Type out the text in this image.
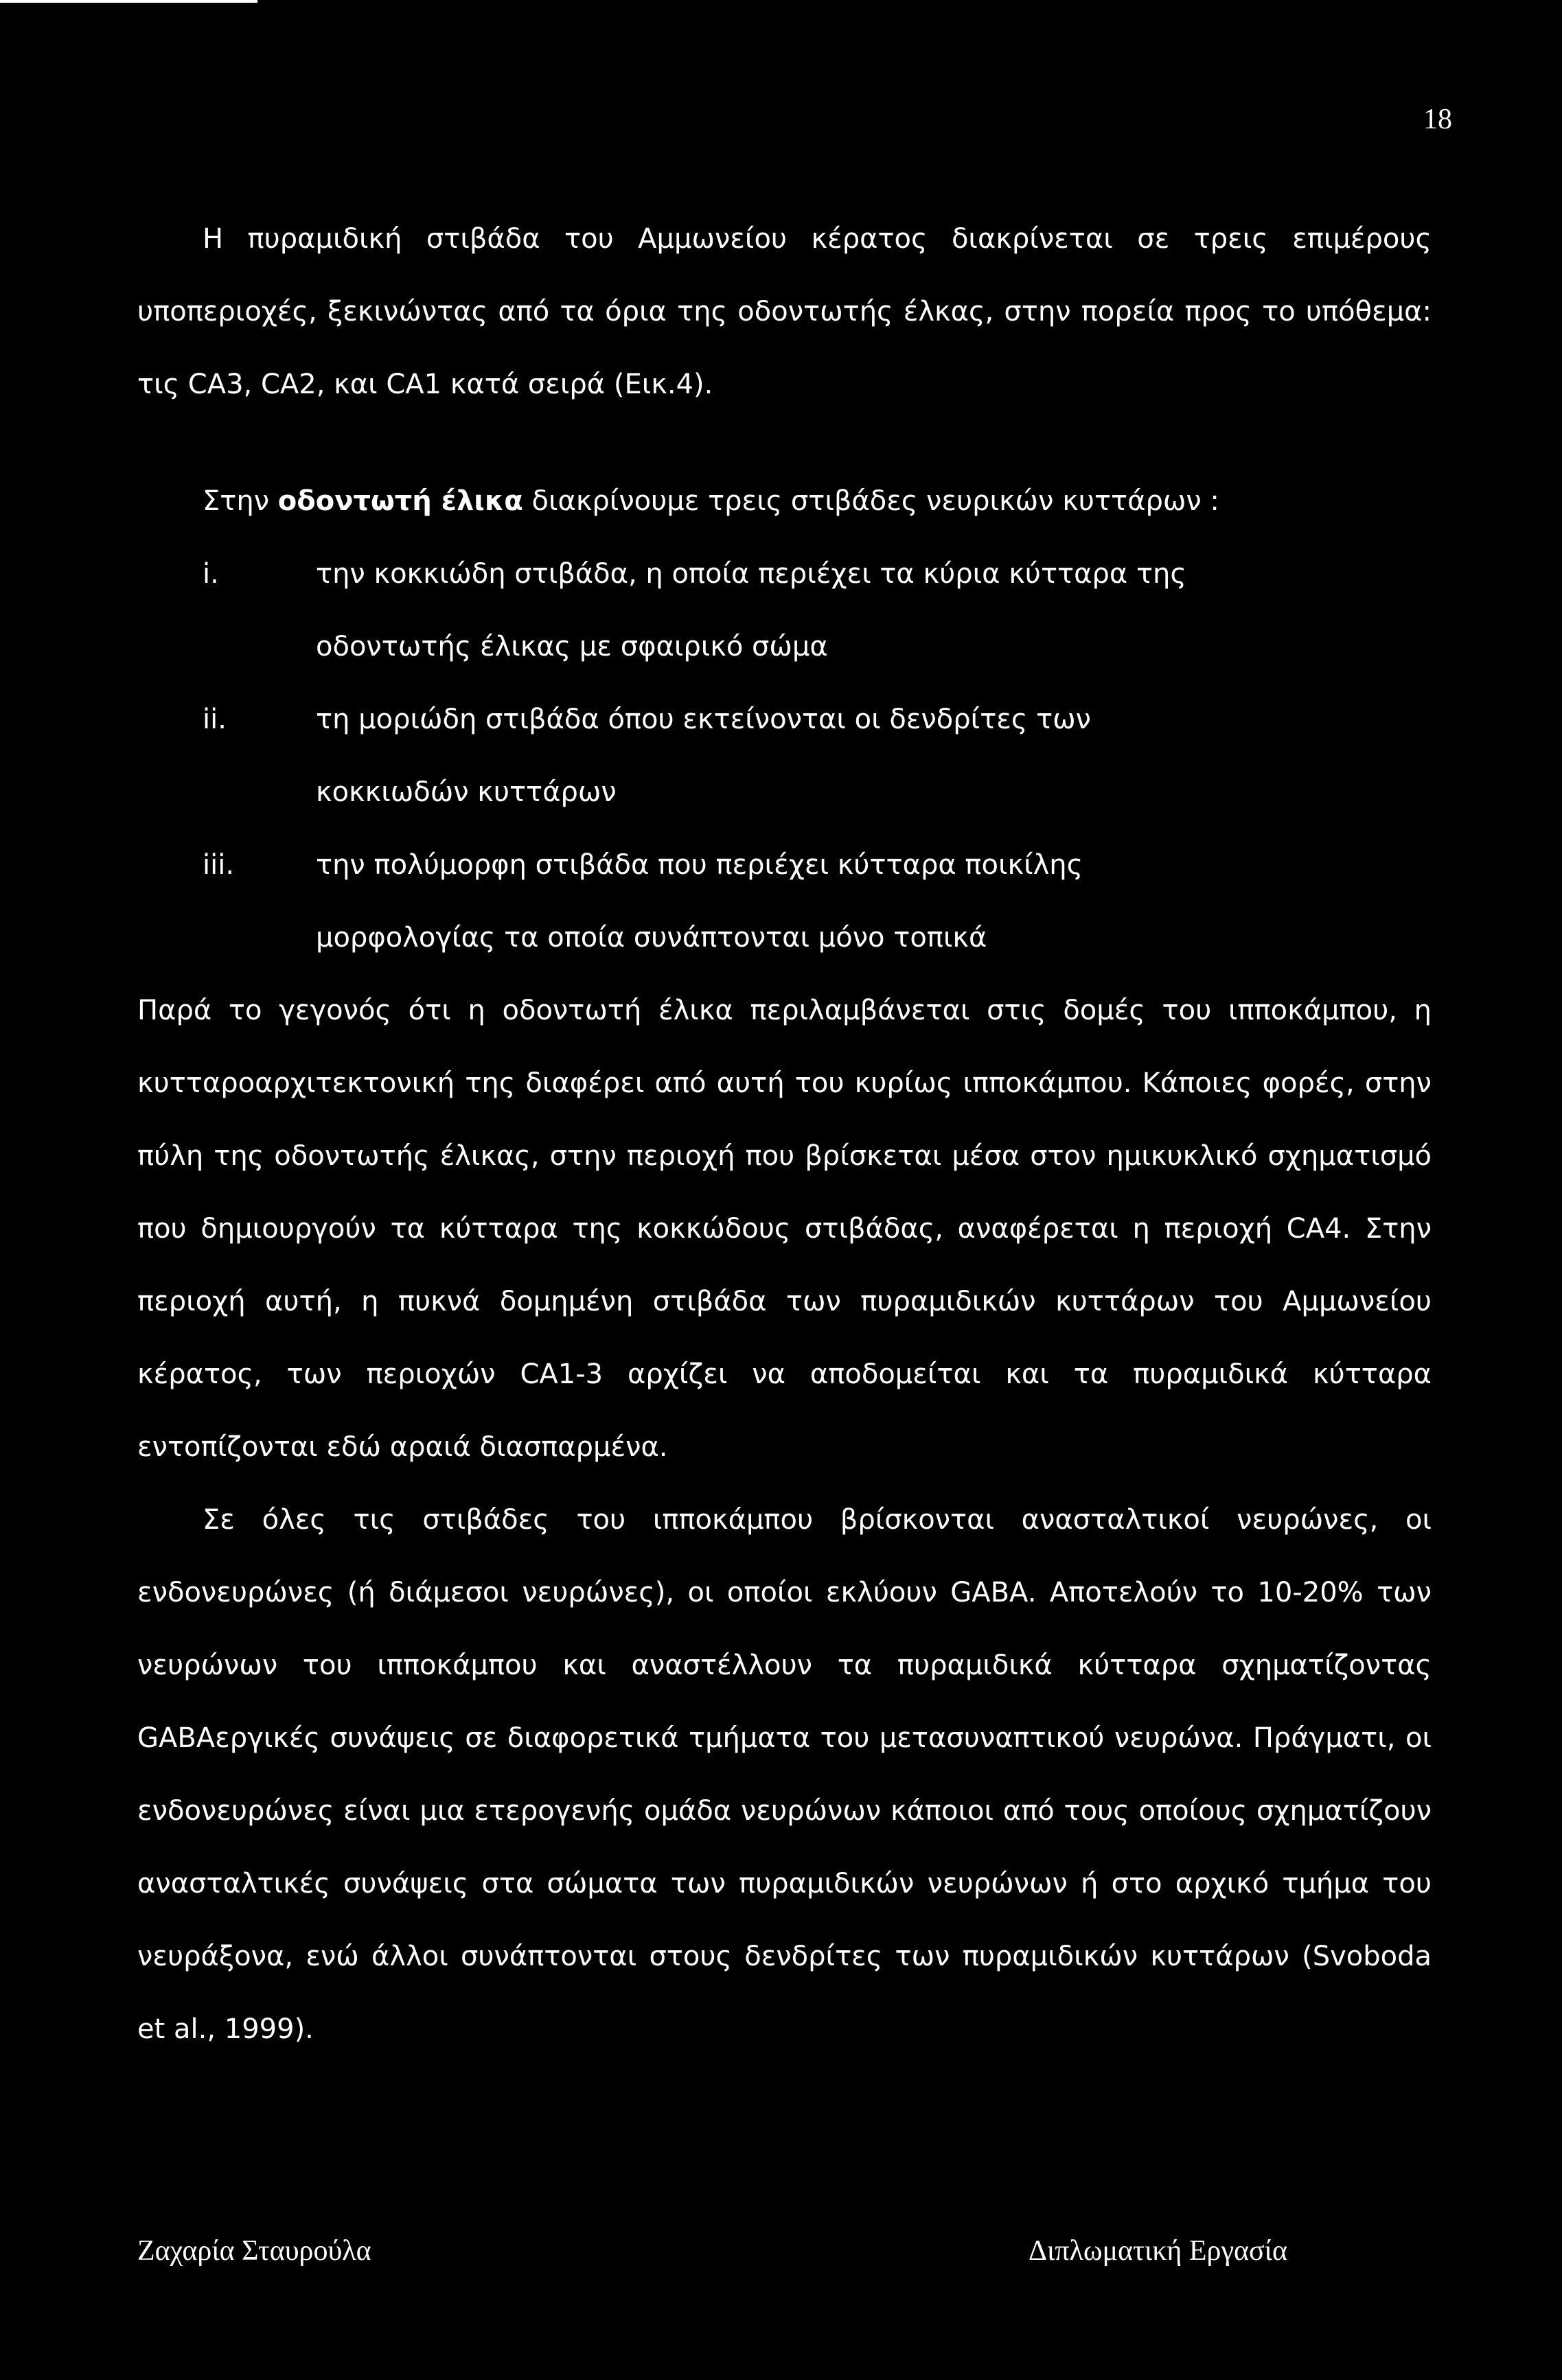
18

Η πυραμιδική στιβάδα του Αμμωνείου κέρατος διακρίνεται σε τρεις επιμέρους υποπεριοχές, ξεκινώντας από τα όρια της οδοντωτής έλκας, στην πορεία προς το υπόθεμα: τις CA3, CA2, και CA1 κατά σειρά (Εικ.4).

Στην οδοντωτή έλικα διακρίνουμε τρεις στιβάδες νευρικών κυττάρων :

i.	την κοκκιώδη στιβάδα, η οποία περιέχει τα κύρια κύτταρα της
οδοντωτής έλικας με σφαιρικό σώμα
ii.	τη μοριώδη στιβάδα όπου εκτείνονται οι δενδρίτες των
κοκκιωδών κυττάρων
iii.	την πολύμορφη στιβάδα που περιέχει κύτταρα ποικίλης
μορφολογίας τα οποία συνάπτονται μόνο τοπικά

Παρά το γεγονός ότι η οδοντωτή έλικα περιλαμβάνεται στις δομές του ιπποκάμπου, η κυτταροαρχιτεκτονική της διαφέρει από αυτή του κυρίως ιπποκάμπου. Κάποιες φορές, στην πύλη της οδοντωτής έλικας, στην περιοχή που βρίσκεται μέσα στον ημικυκλικό σχηματισμό που δημιουργούν τα κύτταρα της κοκκώδους στιβάδας, αναφέρεται η περιοχή CA4. Στην περιοχή αυτή, η πυκνά δομημένη στιβάδα των πυραμιδικών κυττάρων του Αμμωνείου κέρατος, των περιοχών CA1-3 αρχίζει να αποδομείται και τα πυραμιδικά κύτταρα εντοπίζονται εδώ αραιά διασπαρμένα.

Σε όλες τις στιβάδες του ιπποκάμπου βρίσκονται ανασταλτικοί νευρώνες, οι ενδονευρώνες (ή διάμεσοι νευρώνες), οι οποίοι εκλύουν GABA. Αποτελούν το 10-20% των νευρώνων του ιπποκάμπου και αναστέλλουν τα πυραμιδικά κύτταρα σχηματίζοντας GABAεργικές συνάψεις σε διαφορετικά τμήματα του μετασυναπτικού νευρώνα. Πράγματι, οι ενδονευρώνες είναι μια ετερογενής ομάδα νευρώνων κάποιοι από τους οποίους σχηματίζουν ανασταλτικές συνάψεις στα σώματα των πυραμιδικών νευρώνων ή στο αρχικό τμήμα του νευράξονα, ενώ άλλοι συνάπτονται στους δενδρίτες των πυραμιδικών κυττάρων (Svoboda et al., 1999).

Ζαχαρία Σταυρούλα	Διπλωματική Εργασία
